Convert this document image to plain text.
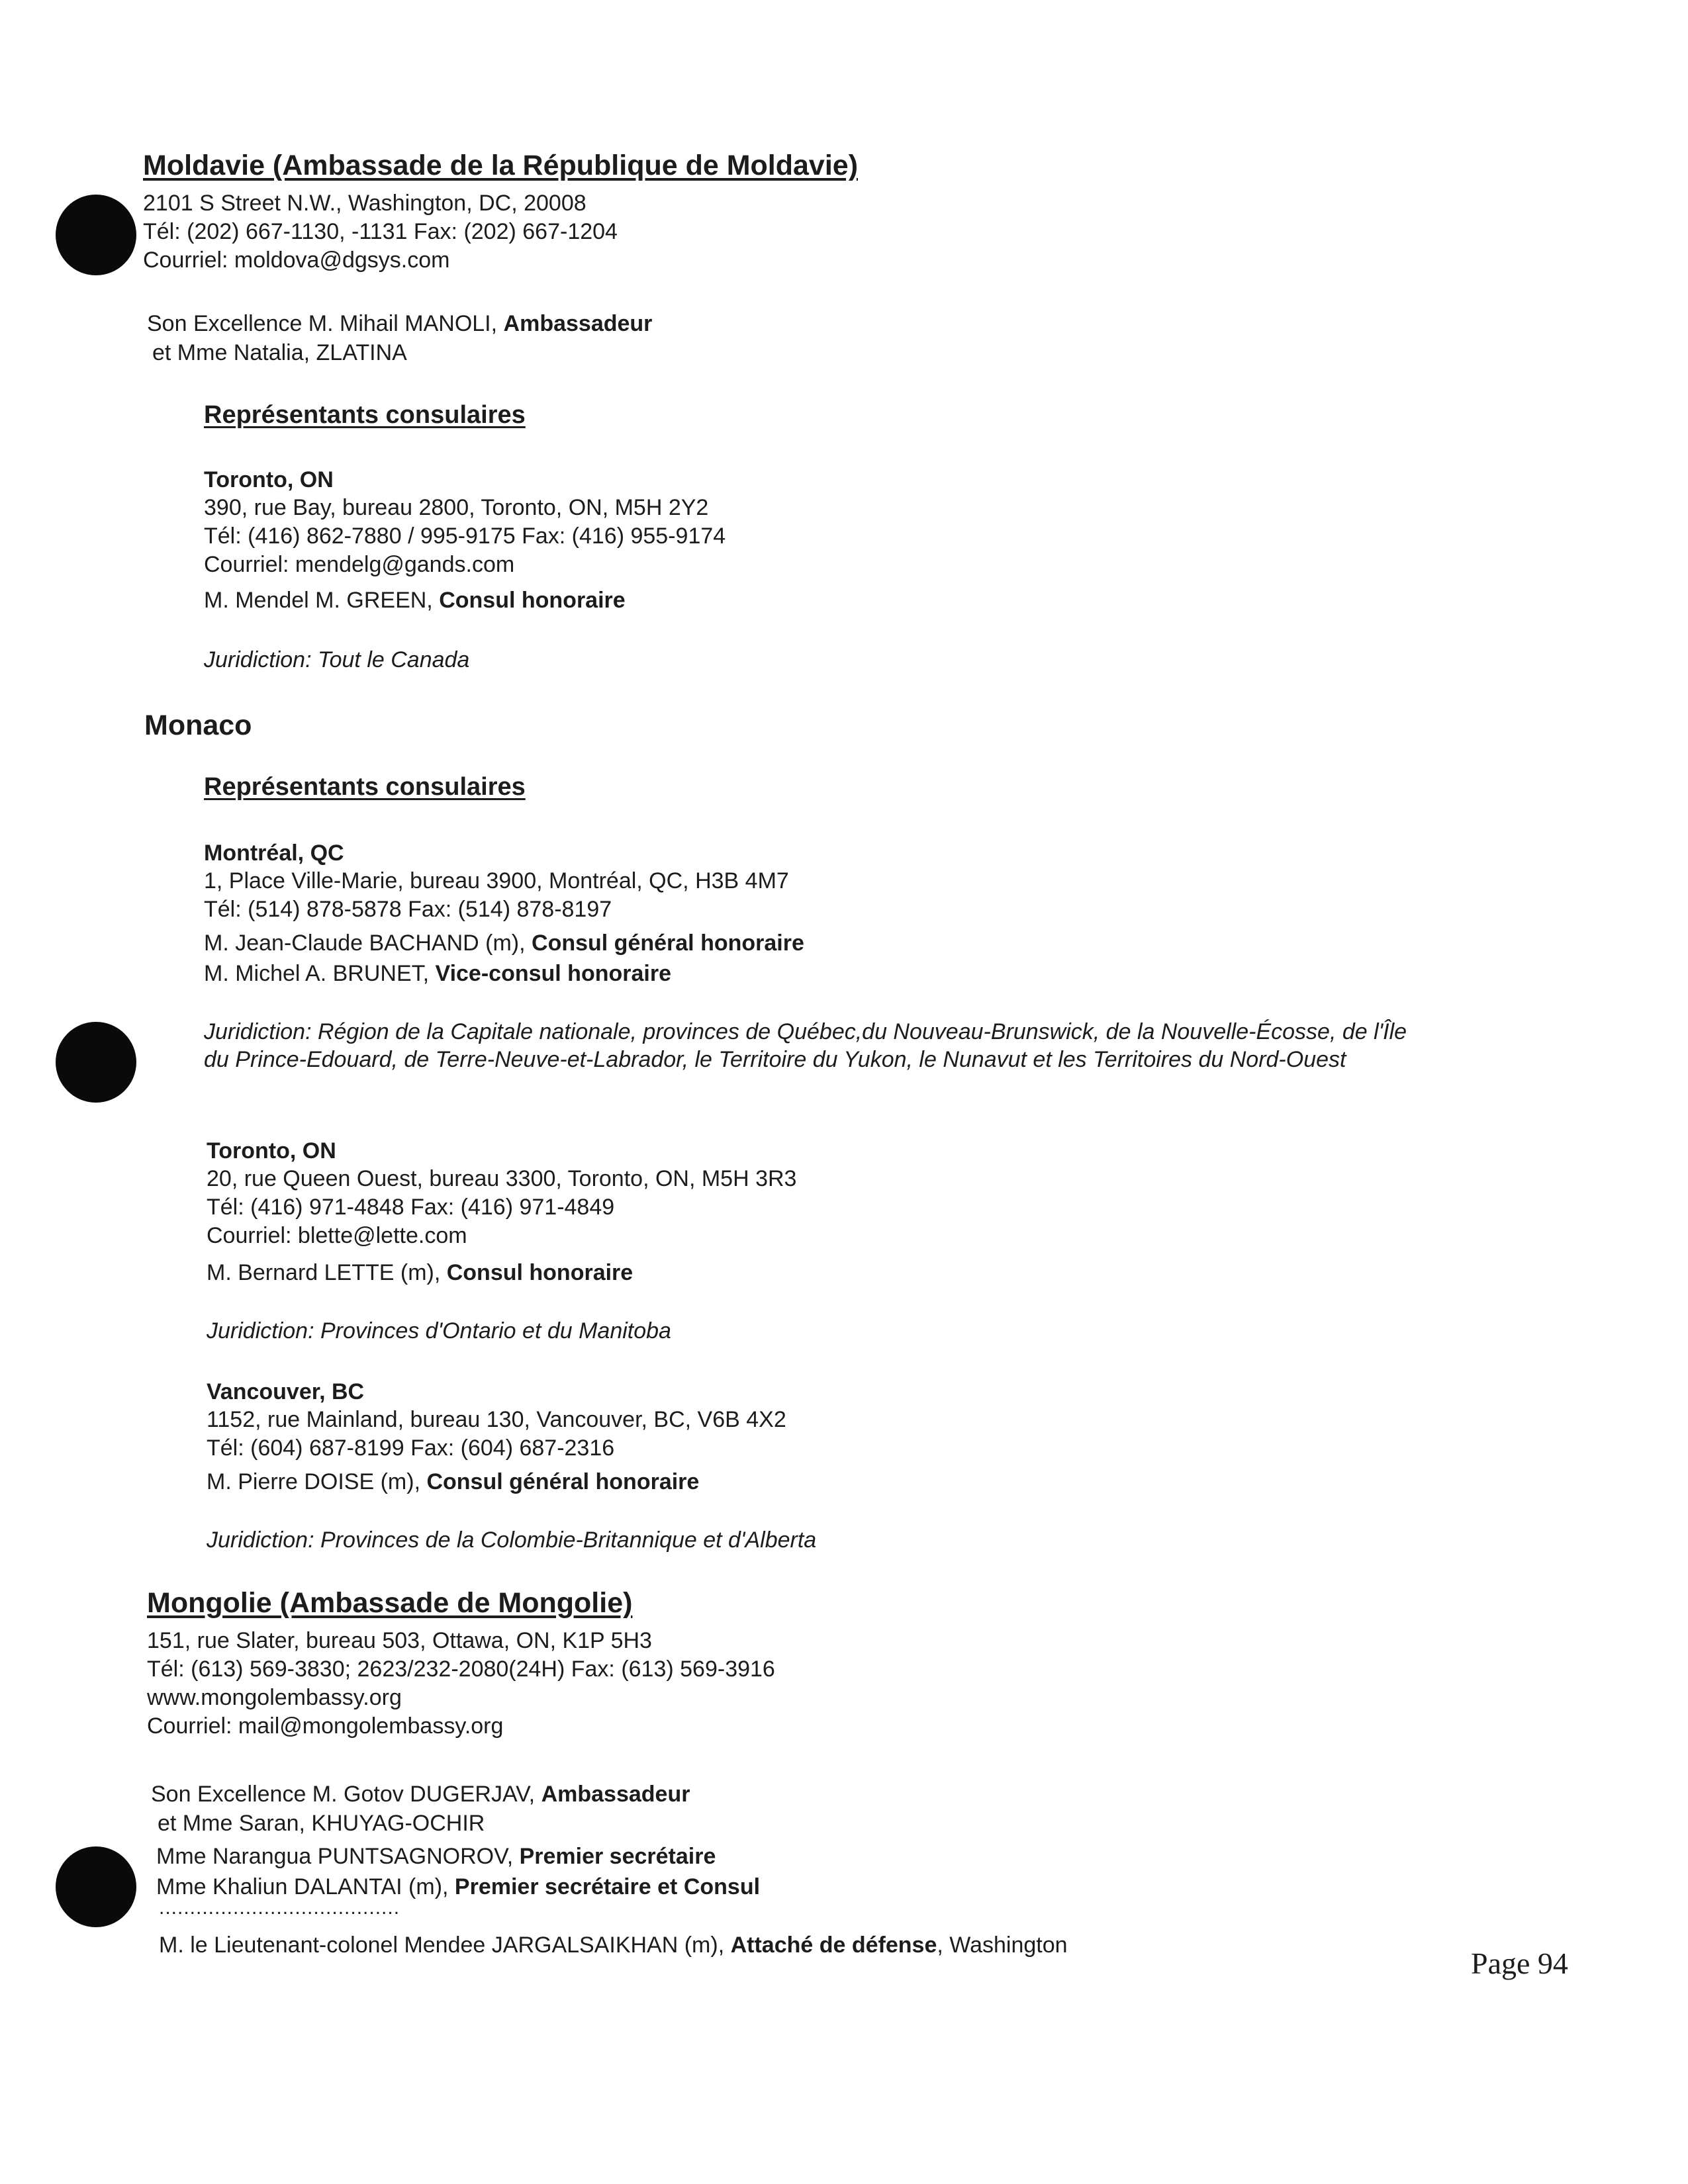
Moldavie (Ambassade de la République de Moldavie)
2101 S Street N.W., Washington, DC, 20008
Tél: (202) 667-1130, -1131 Fax: (202) 667-1204
Courriel: moldova@dgsys.com
Son Excellence M. Mihail MANOLI, Ambassadeur
et Mme Natalia, ZLATINA
Représentants consulaires
Toronto, ON
390, rue Bay, bureau 2800, Toronto, ON, M5H 2Y2
Tél: (416) 862-7880 / 995-9175 Fax: (416) 955-9174
Courriel: mendelg@gands.com
M. Mendel M. GREEN, Consul honoraire
Juridiction: Tout le Canada
Monaco
Représentants consulaires
Montréal, QC
1, Place Ville-Marie, bureau 3900, Montréal, QC, H3B 4M7
Tél: (514) 878-5878 Fax: (514) 878-8197
M. Jean-Claude BACHAND (m), Consul général honoraire
M. Michel A. BRUNET, Vice-consul honoraire
Juridiction: Région de la Capitale nationale, provinces de Québec,du Nouveau-Brunswick, de la Nouvelle-Écosse, de l'Île
du Prince-Edouard, de Terre-Neuve-et-Labrador, le Territoire du Yukon, le Nunavut et les Territoires du Nord-Ouest
Toronto, ON
20, rue Queen Ouest, bureau 3300, Toronto, ON, M5H 3R3
Tél: (416) 971-4848 Fax: (416) 971-4849
Courriel: blette@lette.com
M. Bernard LETTE (m), Consul honoraire
Juridiction: Provinces d'Ontario et du Manitoba
Vancouver, BC
1152, rue Mainland, bureau 130, Vancouver, BC, V6B 4X2
Tél: (604) 687-8199 Fax: (604) 687-2316
M. Pierre DOISE (m), Consul général honoraire
Juridiction: Provinces de la Colombie-Britannique et d'Alberta
Mongolie (Ambassade de Mongolie)
151, rue Slater, bureau 503, Ottawa, ON, K1P 5H3
Tél: (613) 569-3830; 2623/232-2080(24H) Fax: (613) 569-3916
www.mongolembassy.org
Courriel: mail@mongolembassy.org
Son Excellence M. Gotov DUGERJAV, Ambassadeur
et Mme Saran, KHUYAG-OCHIR
Mme Narangua PUNTSAGNOROV, Premier secrétaire
Mme Khaliun DALANTAI (m), Premier secrétaire et Consul
.......................................
M. le Lieutenant-colonel Mendee JARGALSAIKHAN (m), Attaché de défense, Washington
Page 94
